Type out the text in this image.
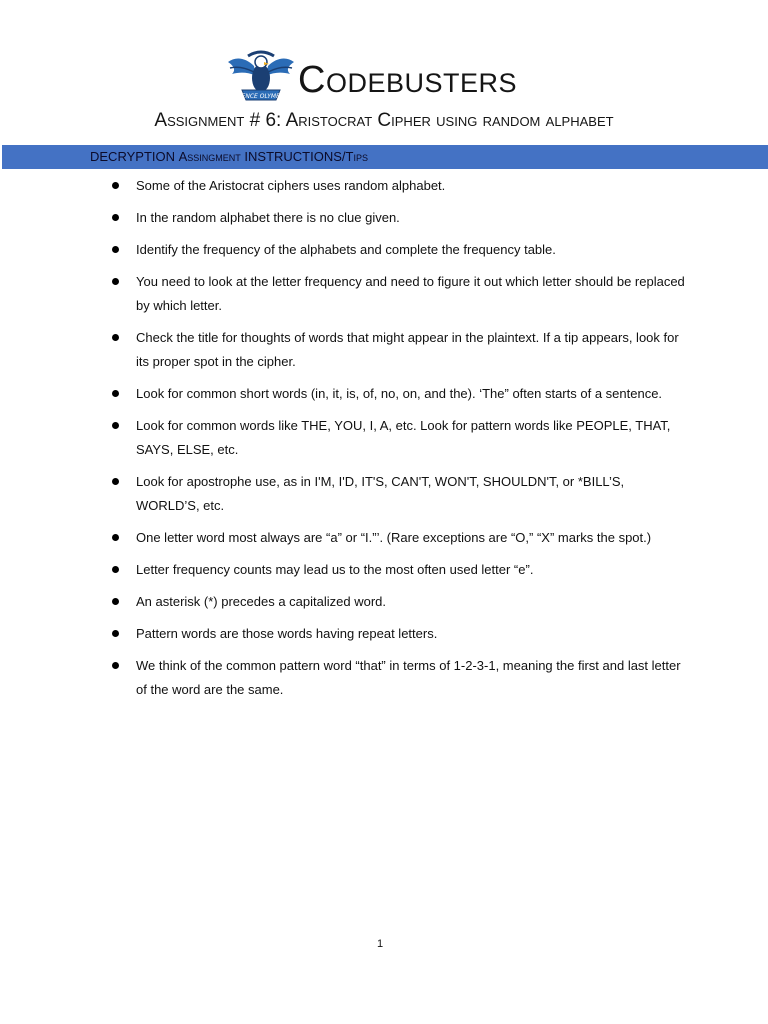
SCIENCE OLYMPIAD Codebusters
Assignment # 6: Aristocrat Cipher using random alphabet
DECRYPTION Assingment INSTRUCTIONS/Tips
Some of the Aristocrat ciphers uses random alphabet.
In the random alphabet there is no clue given.
Identify the frequency of the alphabets and complete the frequency table.
You need to look at the letter frequency and need to figure it out which letter should be replaced by which letter.
Check the title for thoughts of words that might appear in the plaintext. If a tip appears, look for its proper spot in the cipher.
Look for common short words (in, it, is, of, no, on, and the). ‘The” often starts of a sentence.
Look for common words like THE, YOU, I, A, etc. Look for pattern words like PEOPLE, THAT, SAYS, ELSE, etc.
Look for apostrophe use, as in I'M, I'D, IT'S, CAN'T, WON'T, SHOULDN'T, or *BILL’S, WORLD’S, etc.
One letter word most always are “a” or “I.”’. (Rare exceptions are “O,” “X” marks the spot.)
Letter frequency counts may lead us to the most often used letter “e”.
An asterisk (*) precedes a capitalized word.
Pattern words are those words having repeat letters.
We think of the common pattern word “that” in terms of 1-2-3-1, meaning the first and last letter of the word are the same.
1
